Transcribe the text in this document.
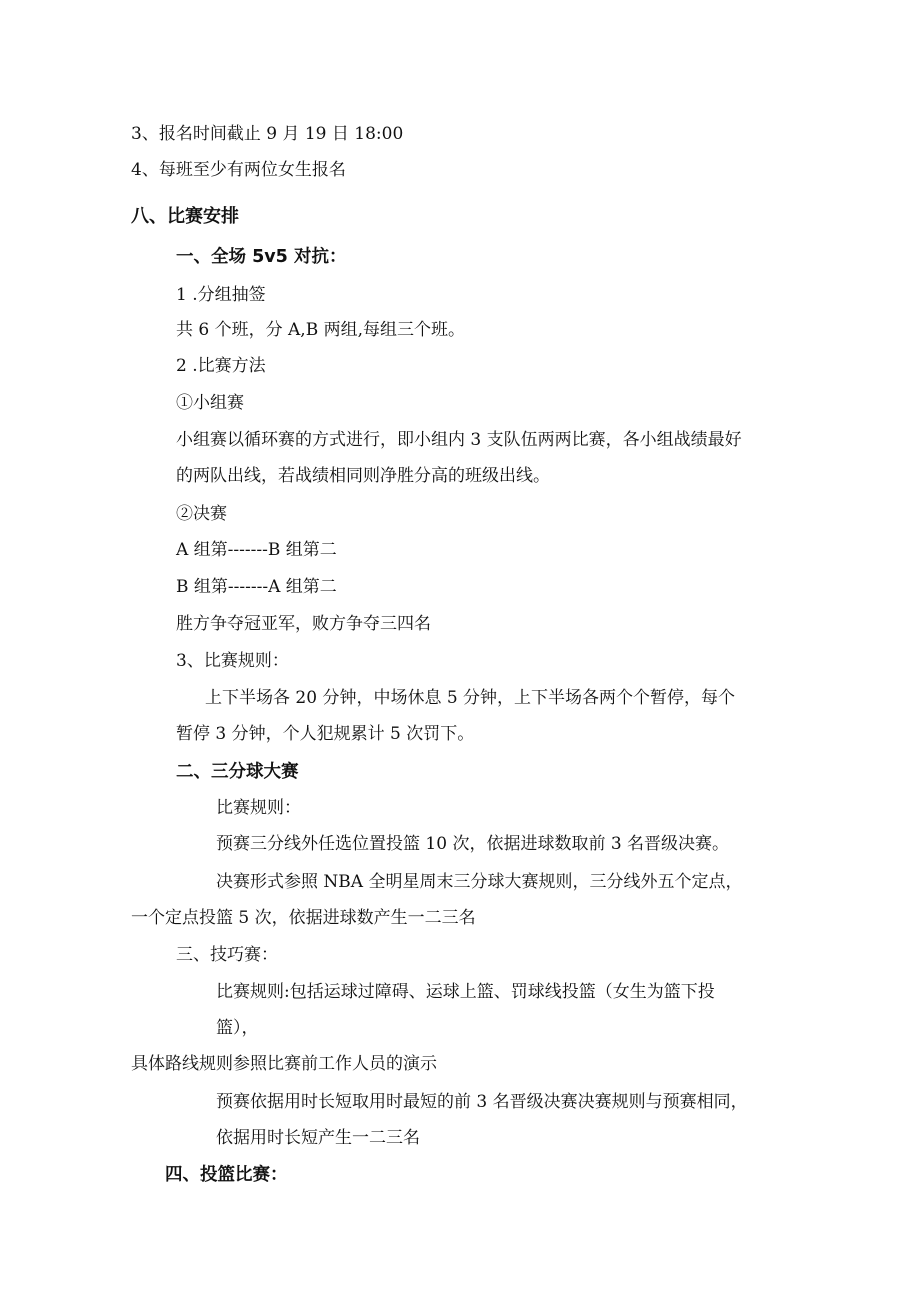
3、报名时间截止 9 月 19 日 18:00
4、每班至少有两位女生报名
八、比赛安排
一、全场 5v5 对抗：
1 .分组抽签
共 6 个班，分 A,B 两组,每组三个班。
2 .比赛方法
①小组赛
小组赛以循环赛的方式进行，即小组内 3 支队伍两两比赛，各小组战绩最好
的两队出线，若战绩相同则净胜分高的班级出线。
②决赛
A 组第-------B 组第二
B 组第-------A 组第二
胜方争夺冠亚军，败方争夺三四名
3、比赛规则：
上下半场各 20 分钟，中场休息 5 分钟，上下半场各两个个暂停，每个
暂停 3 分钟，个人犯规累计 5 次罚下。
二、三分球大赛
比赛规则：
预赛三分线外任选位置投篮 10 次，依据进球数取前 3 名晋级决赛。
决赛形式参照 NBA 全明星周末三分球大赛规则，三分线外五个定点，
一个定点投篮 5 次，依据进球数产生一二三名
三、技巧赛：
比赛规则:包括运球过障碍、运球上篮、罚球线投篮（女生为篮下投
篮），
具体路线规则参照比赛前工作人员的演示
预赛依据用时长短取用时最短的前 3 名晋级决赛决赛规则与预赛相同，
依据用时长短产生一二三名
四、投篮比赛：
